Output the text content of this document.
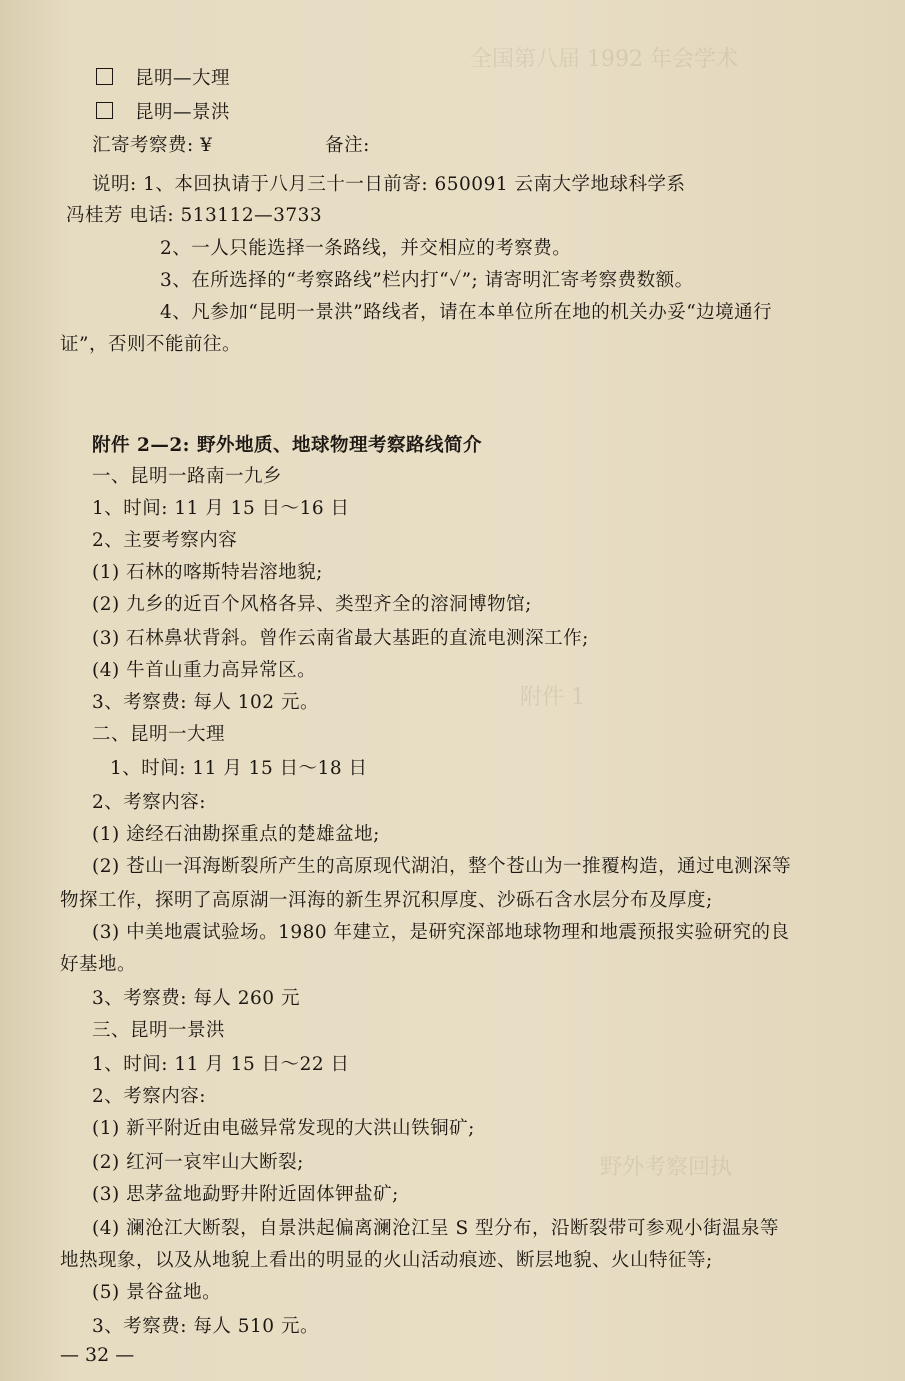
全国第八届 1992 年会学术
附件 1
野外考察回执
昆明—大理
昆明—景洪
汇寄考察费: ¥	备注:
说明: 1、本回执请于八月三十一日前寄: 650091 云南大学地球科学系
冯桂芳 电话: 513112—3733
2、一人只能选择一条路线，并交相应的考察费。
3、在所选择的“考察路线”栏内打“✓”; 请寄明汇寄考察费数额。
4、凡参加“昆明一景洪”路线者，请在本单位所在地的机关办妥“边境通行
证”，否则不能前往。
附件 2—2: 野外地质、地球物理考察路线简介
一、昆明一路南一九乡
1、时间: 11 月 15 日～16 日
2、主要考察内容
(1) 石林的喀斯特岩溶地貌;
(2) 九乡的近百个风格各异、类型齐全的溶洞博物馆;
(3) 石林鼻状背斜。曾作云南省最大基距的直流电测深工作;
(4) 牛首山重力高异常区。
3、考察费: 每人 102 元。
二、昆明一大理
1、时间: 11 月 15 日～18 日
2、考察内容:
(1) 途经石油勘探重点的楚雄盆地;
(2) 苍山一洱海断裂所产生的高原现代湖泊，整个苍山为一推覆构造，通过电测深等
物探工作，探明了高原湖一洱海的新生界沉积厚度、沙砾石含水层分布及厚度;
(3) 中美地震试验场。1980 年建立，是研究深部地球物理和地震预报实验研究的良
好基地。
3、考察费: 每人 260 元
三、昆明一景洪
1、时间: 11 月 15 日～22 日
2、考察内容:
(1) 新平附近由电磁异常发现的大洪山铁铜矿;
(2) 红河一哀牢山大断裂;
(3) 思茅盆地勐野井附近固体钾盐矿;
(4) 澜沧江大断裂，自景洪起偏离澜沧江呈 S 型分布，沿断裂带可参观小街温泉等
地热现象，以及从地貌上看出的明显的火山活动痕迹、断层地貌、火山特征等;
(5) 景谷盆地。
3、考察费: 每人 510 元。
— 32 —
